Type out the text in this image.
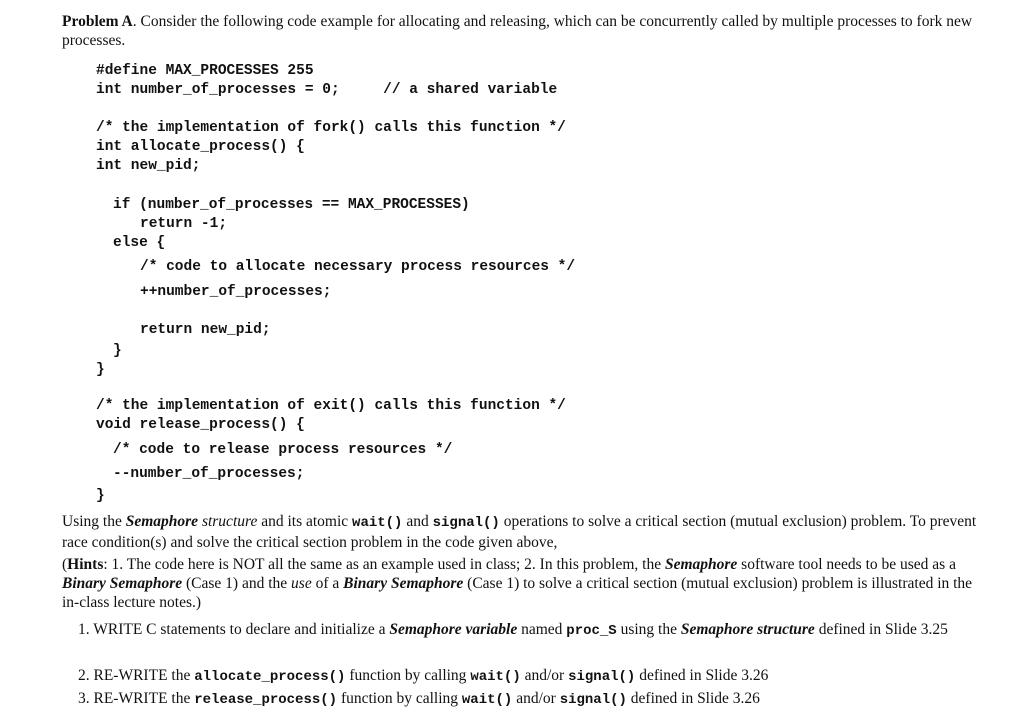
Problem A. Consider the following code example for allocating and releasing, which can be concurrently called by multiple processes to fork new processes.
#define MAX_PROCESSES 255
int number_of_processes = 0;     // a shared variable
/* the implementation of fork() calls this function */
int allocate_process() {
int new_pid;
if (number_of_processes == MAX_PROCESSES)
return -1;
else {
/* code to allocate necessary process resources */
++number_of_processes;
return new_pid;
}
}
/* the implementation of exit() calls this function */
void release_process() {
/* code to release process resources */
--number_of_processes;
}
Using the Semaphore structure and its atomic wait() and signal() operations to solve a critical section (mutual exclusion) problem. To prevent race condition(s) and solve the critical section problem in the code given above,
(Hints: 1. The code here is NOT all the same as an example used in class; 2. In this problem, the Semaphore software tool needs to be used as a Binary Semaphore (Case 1) and the use of a Binary Semaphore (Case 1) to solve a critical section (mutual exclusion) problem is illustrated in the in-class lecture notes.)
1. WRITE C statements to declare and initialize a Semaphore variable named proc_S using the Semaphore structure defined in Slide 3.25
2. RE-WRITE the allocate_process() function by calling wait() and/or signal() defined in Slide 3.26
3. RE-WRITE the release_process() function by calling wait() and/or signal() defined in Slide 3.26
